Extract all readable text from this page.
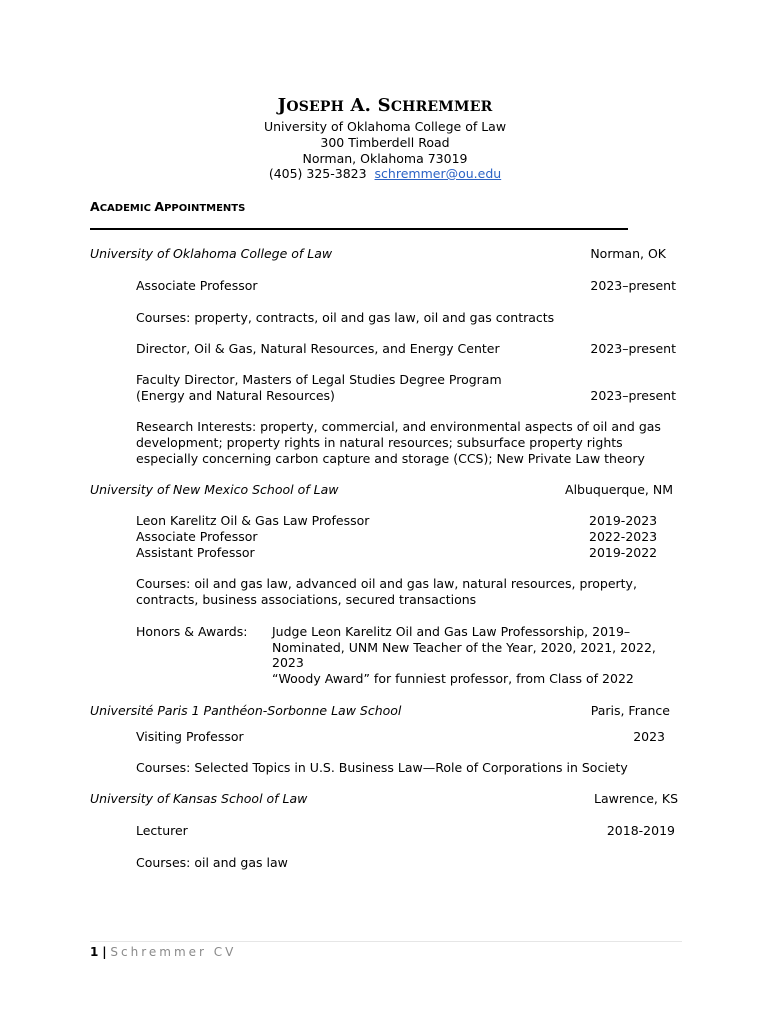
JOSEPH A. SCHREMMER
University of Oklahoma College of Law
300 Timberdell Road
Norman, Oklahoma 73019
(405) 325-3823 schremmer@ou.edu
ACADEMIC APPOINTMENTS
University of Oklahoma College of Law	Norman, OK
Associate Professor	2023–present
Courses: property, contracts, oil and gas law, oil and gas contracts
Director, Oil & Gas, Natural Resources, and Energy Center	2023–present
Faculty Director, Masters of Legal Studies Degree Program
(Energy and Natural Resources)	2023–present
Research Interests: property, commercial, and environmental aspects of oil and gas
development; property rights in natural resources; subsurface property rights
especially concerning carbon capture and storage (CCS); New Private Law theory
University of New Mexico School of Law	Albuquerque, NM
Leon Karelitz Oil & Gas Law Professor	2019-2023
Associate Professor	2022-2023
Assistant Professor	2019-2022
Courses: oil and gas law, advanced oil and gas law, natural resources, property,
contracts, business associations, secured transactions
Honors & Awards: Judge Leon Karelitz Oil and Gas Law Professorship, 2019–
Nominated, UNM New Teacher of the Year, 2020, 2021, 2022,
2023
“Woody Award” for funniest professor, from Class of 2022
Université Paris 1 Panthéon-Sorbonne Law School	Paris, France
Visiting Professor	2023
Courses: Selected Topics in U.S. Business Law—Role of Corporations in Society
University of Kansas School of Law	Lawrence, KS
Lecturer	2018-2019
Courses: oil and gas law
1 | Schremmer CV
